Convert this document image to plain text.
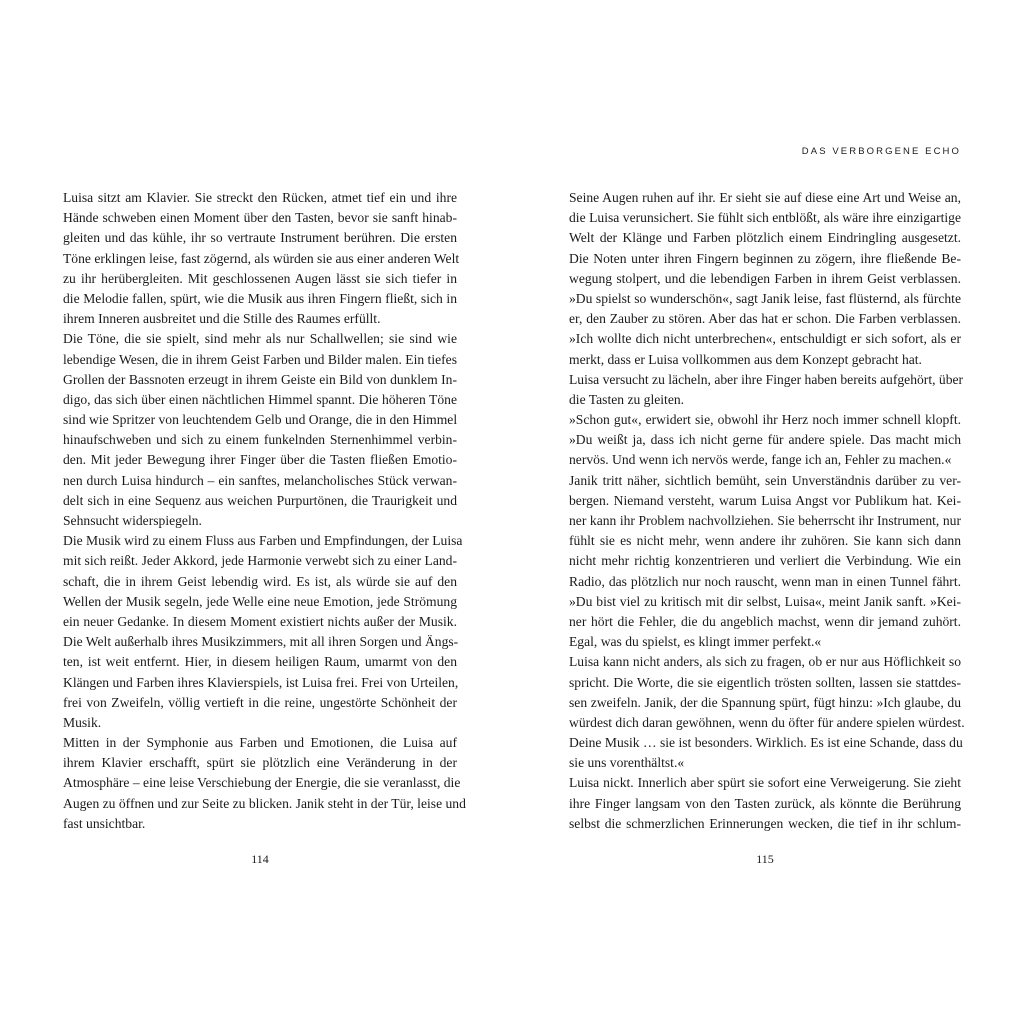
Luisa sitzt am Klavier. Sie streckt den Rücken, atmet tief ein und ihre
Hände schweben einen Moment über den Tasten, bevor sie sanft hinab-
gleiten und das kühle, ihr so vertraute Instrument berühren. Die ersten
Töne erklingen leise, fast zögernd, als würden sie aus einer anderen Welt
zu ihr herübergleiten. Mit geschlossenen Augen lässt sie sich tiefer in
die Melodie fallen, spürt, wie die Musik aus ihren Fingern fließt, sich in
ihrem Inneren ausbreitet und die Stille des Raumes erfüllt.
Die Töne, die sie spielt, sind mehr als nur Schallwellen; sie sind wie
lebendige Wesen, die in ihrem Geist Farben und Bilder malen. Ein tiefes
Grollen der Bassnoten erzeugt in ihrem Geiste ein Bild von dunklem In-
digo, das sich über einen nächtlichen Himmel spannt. Die höheren Töne
sind wie Spritzer von leuchtendem Gelb und Orange, die in den Himmel
hinaufschweben und sich zu einem funkelnden Sternenhimmel verbin-
den. Mit jeder Bewegung ihrer Finger über die Tasten fließen Emotio-
nen durch Luisa hindurch – ein sanftes, melancholisches Stück verwan-
delt sich in eine Sequenz aus weichen Purpurtönen, die Traurigkeit und
Sehnsucht widerspiegeln.
Die Musik wird zu einem Fluss aus Farben und Empfindungen, der Luisa
mit sich reißt. Jeder Akkord, jede Harmonie verwebt sich zu einer Land-
schaft, die in ihrem Geist lebendig wird. Es ist, als würde sie auf den
Wellen der Musik segeln, jede Welle eine neue Emotion, jede Strömung
ein neuer Gedanke. In diesem Moment existiert nichts außer der Musik.
Die Welt außerhalb ihres Musikzimmers, mit all ihren Sorgen und Ängs-
ten, ist weit entfernt. Hier, in diesem heiligen Raum, umarmt von den
Klängen und Farben ihres Klavierspiels, ist Luisa frei. Frei von Urteilen,
frei von Zweifeln, völlig vertieft in die reine, ungestörte Schönheit der
Musik.
Mitten in der Symphonie aus Farben und Emotionen, die Luisa auf
ihrem Klavier erschafft, spürt sie plötzlich eine Veränderung in der
Atmosphäre – eine leise Verschiebung der Energie, die sie veranlasst, die
Augen zu öffnen und zur Seite zu blicken. Janik steht in der Tür, leise und
fast unsichtbar.
114
DAS VERBORGENE ECHO
Seine Augen ruhen auf ihr. Er sieht sie auf diese eine Art und Weise an,
die Luisa verunsichert. Sie fühlt sich entblößt, als wäre ihre einzigartige
Welt der Klänge und Farben plötzlich einem Eindringling ausgesetzt.
Die Noten unter ihren Fingern beginnen zu zögern, ihre fließende Be-
wegung stolpert, und die lebendigen Farben in ihrem Geist verblassen.
»Du spielst so wunderschön«, sagt Janik leise, fast flüsternd, als fürchte
er, den Zauber zu stören. Aber das hat er schon. Die Farben verblassen.
»Ich wollte dich nicht unterbrechen«, entschuldigt er sich sofort, als er
merkt, dass er Luisa vollkommen aus dem Konzept gebracht hat.
Luisa versucht zu lächeln, aber ihre Finger haben bereits aufgehört, über
die Tasten zu gleiten.
»Schon gut«, erwidert sie, obwohl ihr Herz noch immer schnell klopft.
»Du weißt ja, dass ich nicht gerne für andere spiele. Das macht mich
nervös. Und wenn ich nervös werde, fange ich an, Fehler zu machen.«
Janik tritt näher, sichtlich bemüht, sein Unverständnis darüber zu ver-
bergen. Niemand versteht, warum Luisa Angst vor Publikum hat. Kei-
ner kann ihr Problem nachvollziehen. Sie beherrscht ihr Instrument, nur
fühlt sie es nicht mehr, wenn andere ihr zuhören. Sie kann sich dann
nicht mehr richtig konzentrieren und verliert die Verbindung. Wie ein
Radio, das plötzlich nur noch rauscht, wenn man in einen Tunnel fährt.
»Du bist viel zu kritisch mit dir selbst, Luisa«, meint Janik sanft. »Kei-
ner hört die Fehler, die du angeblich machst, wenn dir jemand zuhört.
Egal, was du spielst, es klingt immer perfekt.«
Luisa kann nicht anders, als sich zu fragen, ob er nur aus Höflichkeit so
spricht. Die Worte, die sie eigentlich trösten sollten, lassen sie stattdes-
sen zweifeln. Janik, der die Spannung spürt, fügt hinzu: »Ich glaube, du
würdest dich daran gewöhnen, wenn du öfter für andere spielen würdest.
Deine Musik … sie ist besonders. Wirklich. Es ist eine Schande, dass du
sie uns vorenthältst.«
Luisa nickt. Innerlich aber spürt sie sofort eine Verweigerung. Sie zieht
ihre Finger langsam von den Tasten zurück, als könnte die Berührung
selbst die schmerzlichen Erinnerungen wecken, die tief in ihr schlum-
115
